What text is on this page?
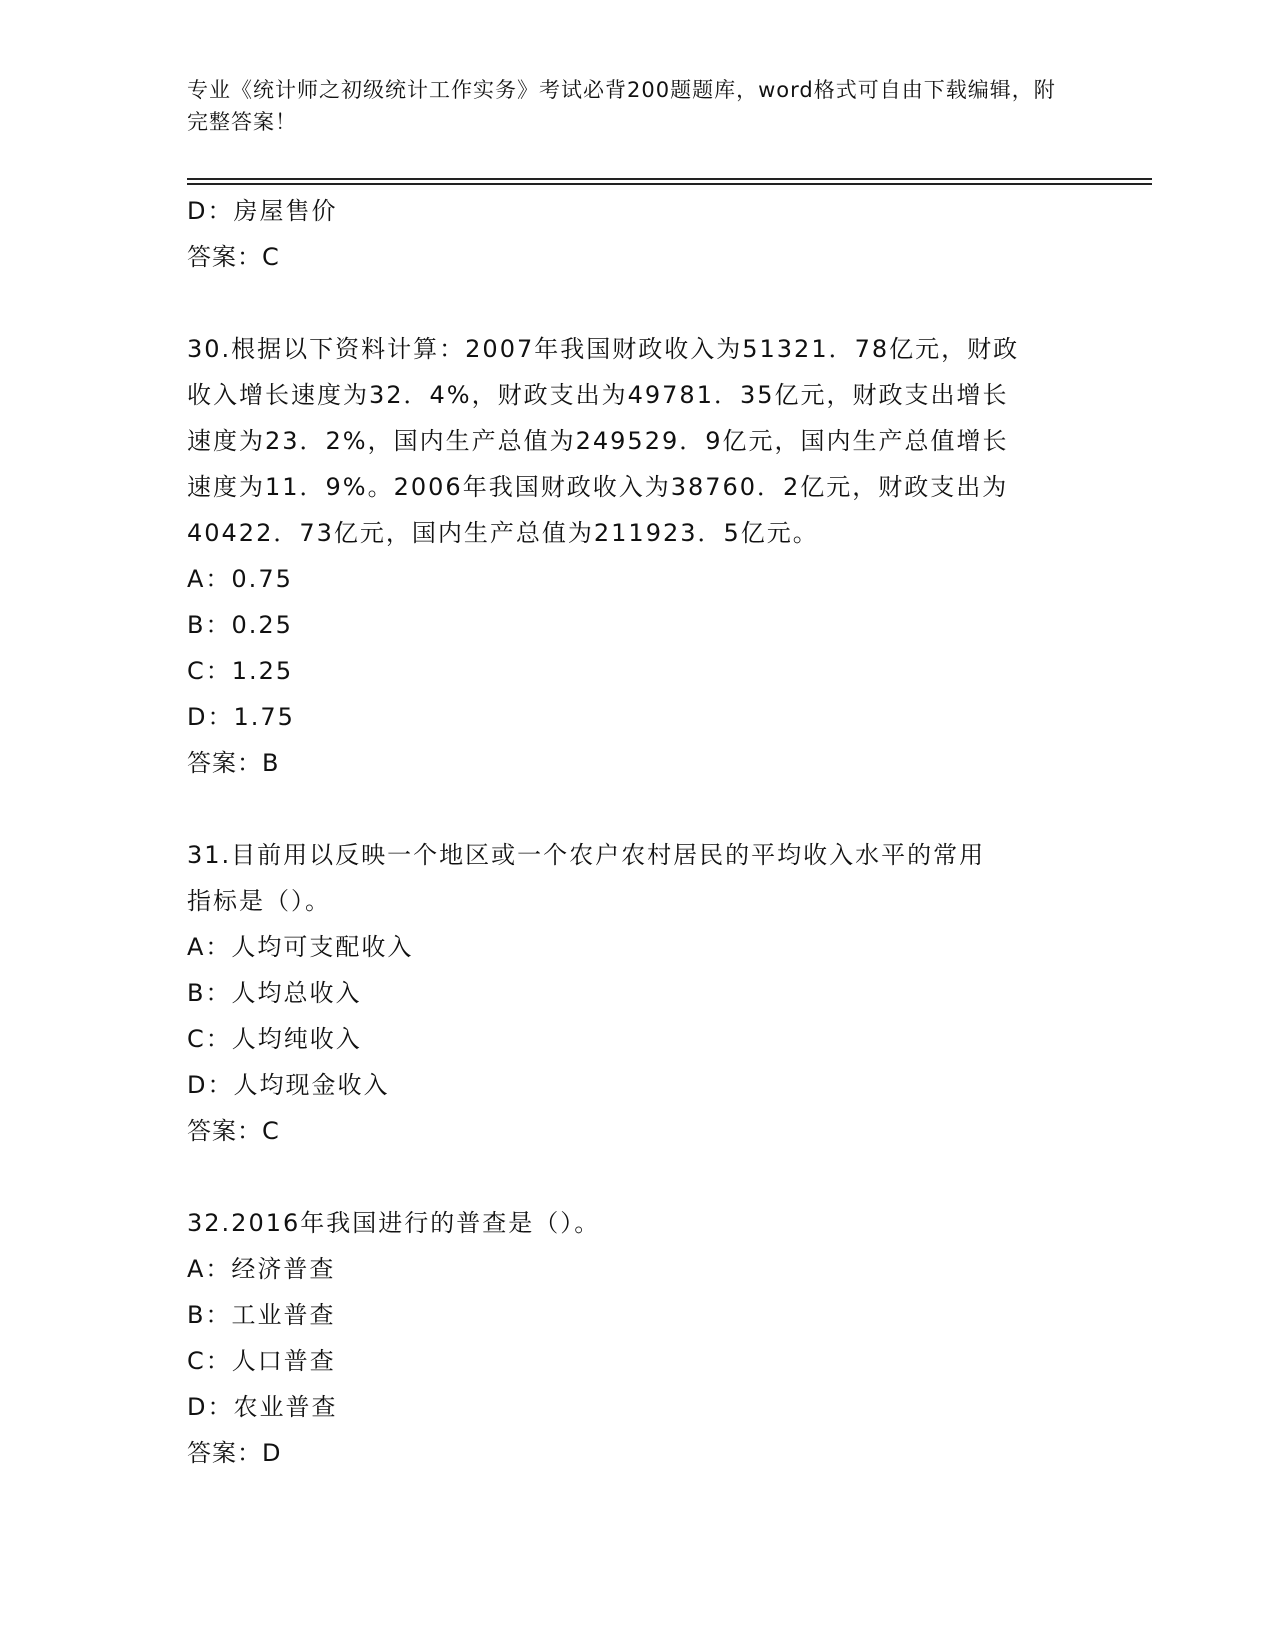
专业《统计师之初级统计工作实务》考试必背200题题库，word格式可自由下载编辑，附完整答案！
D：房屋售价
答案：C
30.根据以下资料计算：2007年我国财政收入为51321．78亿元，财政
收入增长速度为32．4%，财政支出为49781．35亿元，财政支出增长
速度为23．2%，国内生产总值为249529．9亿元，国内生产总值增长
速度为11．9%。2006年我国财政收入为38760．2亿元，财政支出为
40422．73亿元，国内生产总值为211923．5亿元。
A：0.75
B：0.25
C：1.25
D：1.75
答案：B
31.目前用以反映一个地区或一个农户农村居民的平均收入水平的常用
指标是（）。
A：人均可支配收入
B：人均总收入
C：人均纯收入
D：人均现金收入
答案：C
32.2016年我国进行的普查是（）。
A：经济普查
B：工业普查
C：人口普查
D：农业普查
答案：D
